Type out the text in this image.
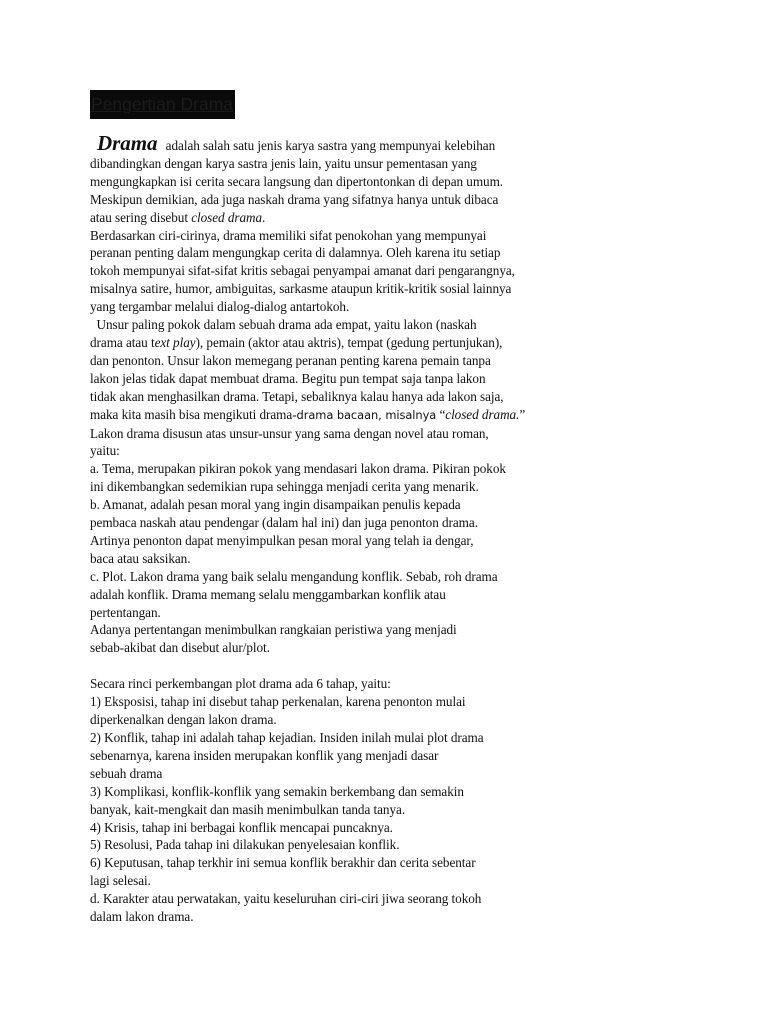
Pengertian Drama
Drama adalah salah satu jenis karya sastra yang mempunyai kelebihan
dibandingkan dengan karya sastra jenis lain, yaitu unsur pementasan yang
mengungkapkan isi cerita secara langsung dan dipertontonkan di depan umum.
Meskipun demikian, ada juga naskah drama yang sifatnya hanya untuk dibaca
atau sering disebut closed drama.
Berdasarkan ciri-cirinya, drama memiliki sifat penokohan yang mempunyai
peranan penting dalam mengungkap cerita di dalamnya. Oleh karena itu setiap
tokoh mempunyai sifat-sifat kritis sebagai penyampai amanat dari pengarangnya,
misalnya satire, humor, ambiguitas, sarkasme ataupun kritik-kritik sosial lainnya
yang tergambar melalui dialog-dialog antartokoh.
Unsur paling pokok dalam sebuah drama ada empat, yaitu lakon (naskah
drama atau text play), pemain (aktor atau aktris), tempat (gedung pertunjukan),
dan penonton. Unsur lakon memegang peranan penting karena pemain tanpa
lakon jelas tidak dapat membuat drama. Begitu pun tempat saja tanpa lakon
tidak akan menghasilkan drama. Tetapi, sebaliknya kalau hanya ada lakon saja,
maka kita masih bisa mengikuti drama-drama bacaan, misalnya “closed drama.”
Lakon drama disusun atas unsur-unsur yang sama dengan novel atau roman,
yaitu:
a. Tema, merupakan pikiran pokok yang mendasari lakon drama. Pikiran pokok
ini dikembangkan sedemikian rupa sehingga menjadi cerita yang menarik.
b. Amanat, adalah pesan moral yang ingin disampaikan penulis kepada
pembaca naskah atau pendengar (dalam hal ini) dan juga penonton drama.
Artinya penonton dapat menyimpulkan pesan moral yang telah ia dengar,
baca atau saksikan.
c. Plot. Lakon drama yang baik selalu mengandung konflik. Sebab, roh drama
adalah konflik. Drama memang selalu menggambarkan konflik atau
pertentangan.
Adanya pertentangan menimbulkan rangkaian peristiwa yang menjadi
sebab-akibat dan disebut alur/plot.
Secara rinci perkembangan plot drama ada 6 tahap, yaitu:
1) Eksposisi, tahap ini disebut tahap perkenalan, karena penonton mulai
diperkenalkan dengan lakon drama.
2) Konflik, tahap ini adalah tahap kejadian. Insiden inilah mulai plot drama
sebenarnya, karena insiden merupakan konflik yang menjadi dasar
sebuah drama
3) Komplikasi, konflik-konflik yang semakin berkembang dan semakin
banyak, kait-mengkait dan masih menimbulkan tanda tanya.
4) Krisis, tahap ini berbagai konflik mencapai puncaknya.
5) Resolusi, Pada tahap ini dilakukan penyelesaian konflik.
6) Keputusan, tahap terkhir ini semua konflik berakhir dan cerita sebentar
lagi selesai.
d. Karakter atau perwatakan, yaitu keseluruhan ciri-ciri jiwa seorang tokoh
dalam lakon drama.
